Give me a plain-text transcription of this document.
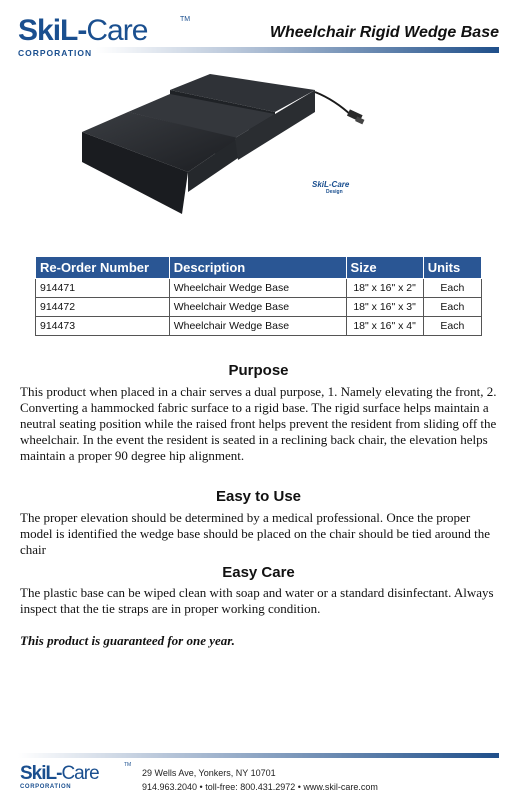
SkiL-Care	TM
CORPORATION
Wheelchair Rigid Wedge Base
SkiL-Care
Design
Re-Order Number	Description	Size	Units
914471	Wheelchair Wedge Base	18" x 16" x 2"	Each
914472	Wheelchair Wedge Base	18" x 16" x 3"	Each
914473	Wheelchair Wedge Base	18" x 16" x 4"	Each
Purpose
This product when placed in a chair serves a dual purpose, 1. Namely elevating the front, 2. Converting a hammocked fabric surface to a rigid base. The rigid surface helps maintain a neutral seating position while the raised front helps prevent the resident from sliding off the wheelchair. In the event the resident is seated in a reclining back chair, the elevation helps maintain a proper 90 degree hip alignment.
Easy to Use
The proper elevation should be determined by a medical professional. Once the proper model is identified the wedge base should be placed on the chair should be tied around the chair
Easy Care
The plastic base can be wiped clean with soap and water or a standard disinfectant. Always inspect that the tie straps are in proper working condition.
This product is guaranteed for one year.
SkiL-Care	TM
CORPORATION
29 Wells Ave, Yonkers, NY 10701
914.963.2040 • toll-free: 800.431.2972 • www.skil-care.com
